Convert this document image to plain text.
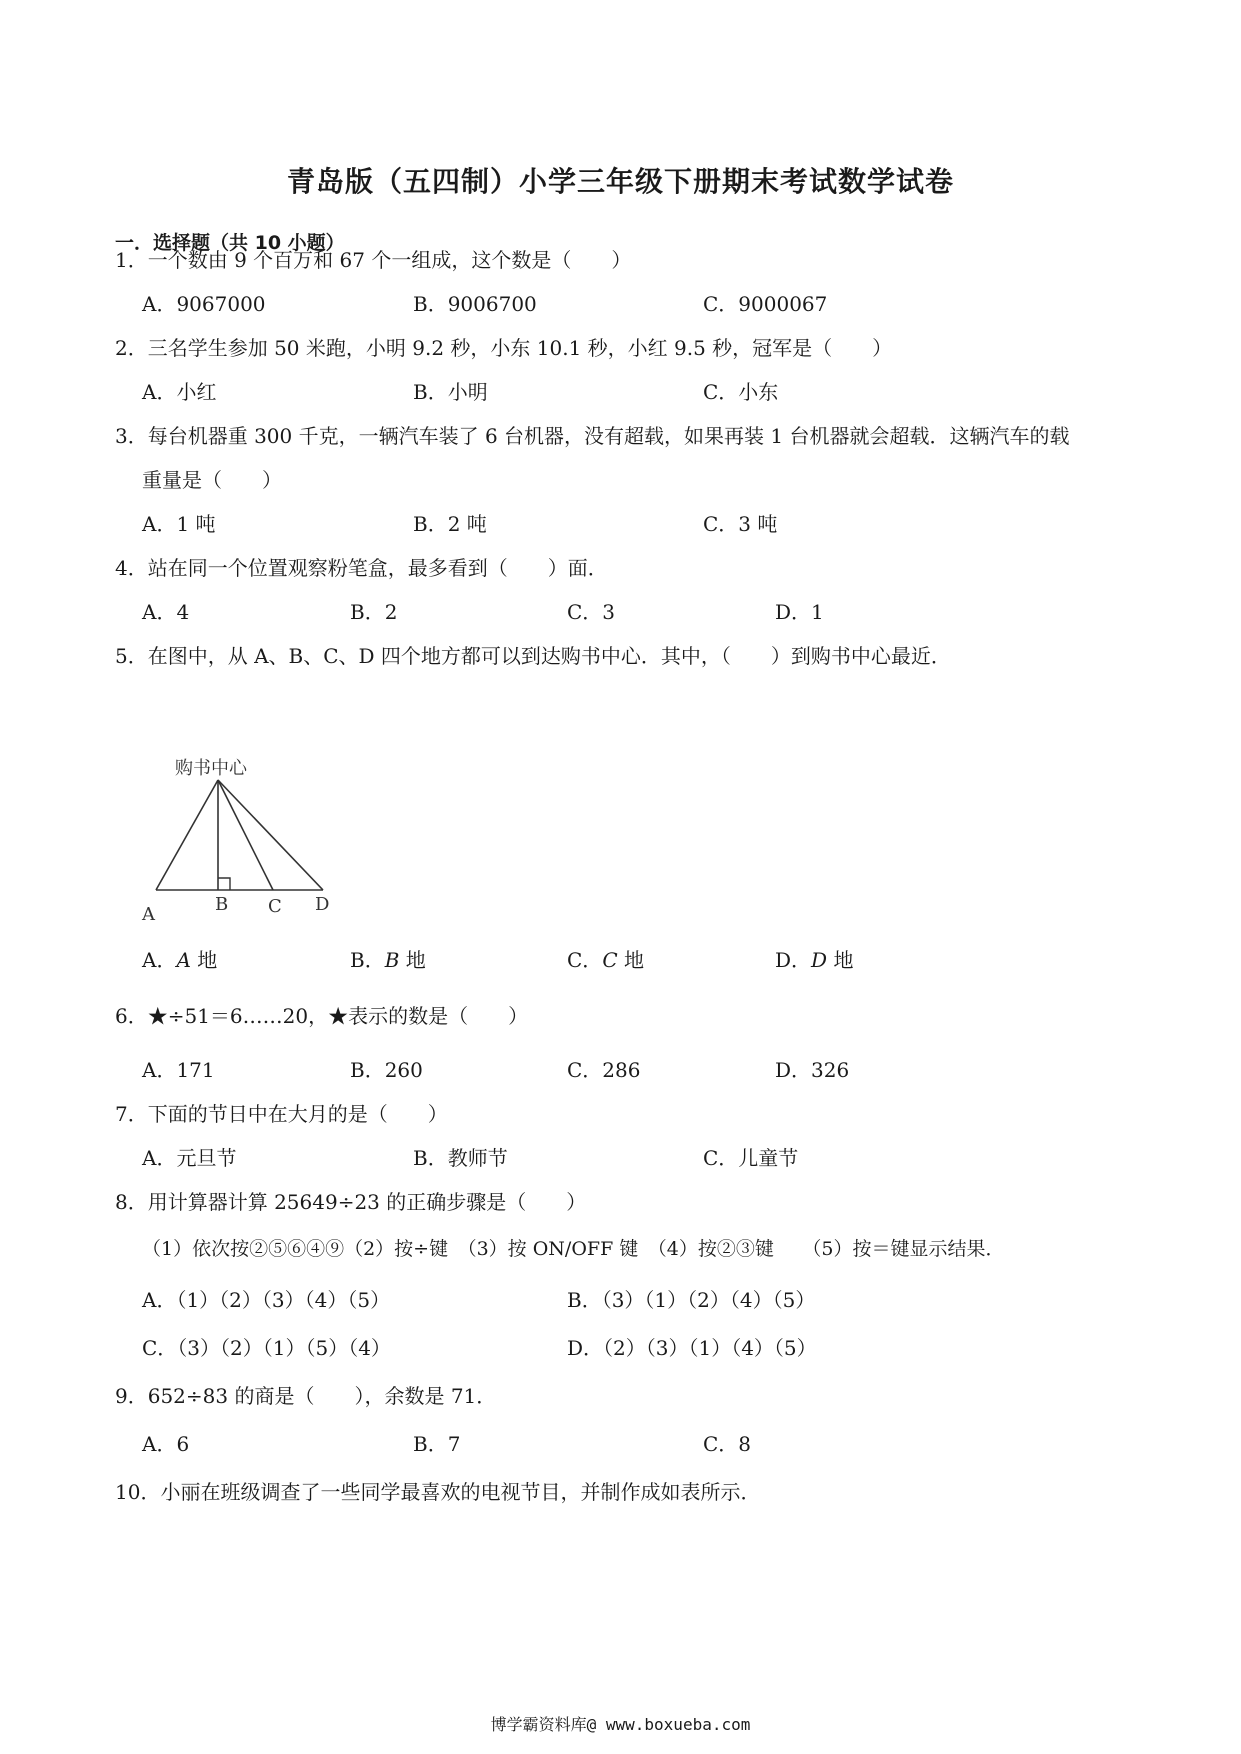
青岛版（五四制）小学三年级下册期末考试数学试卷
一．选择题（共 10 小题）
1．一个数由 9 个百万和 67 个一组成，这个数是（　　）
A．9067000	B．9006700	C．9000067
2．三名学生参加 50 米跑，小明 9.2 秒，小东 10.1 秒，小红 9.5 秒，冠军是（　　）
A．小红	B．小明	C．小东
3．每台机器重 300 千克，一辆汽车装了 6 台机器，没有超载，如果再装 1 台机器就会超载．这辆汽车的载
重量是（　　）
A．1 吨	B．2 吨	C．3 吨
4．站在同一个位置观察粉笔盒，最多看到（　　）面．
A．4	B．2	C．3	D．1
5．在图中，从 A、B、C、D 四个地方都可以到达购书中心．其中，（　　）到购书中心最近．
购书中心
A	B C D
A．A 地	B．B 地	C．C 地	D．D 地
6．★÷51＝6……20，★表示的数是（　　）
A．171	B．260	C．286	D．326
7．下面的节日中在大月的是（　　）
A．元旦节	B．教师节	C．儿童节
8．用计算器计算 25649÷23 的正确步骤是（　　）
（1）依次按②⑤⑥④⑨（2）按÷键　（3）按 ON/OFF 键　（4）按②③键　　（5）按＝键显示结果．
A．（1）（2）（3）（4）（5）	B．（3）（1）（2）（4）（5）
C．（3）（2）（1）（5）（4）	D．（2）（3）（1）（4）（5）
9．652÷83 的商是（　　），余数是 71．
A．6	B．7	C．8
10．小丽在班级调查了一些同学最喜欢的电视节目，并制作成如表所示．
博学霸资料库@ www.boxueba.com
